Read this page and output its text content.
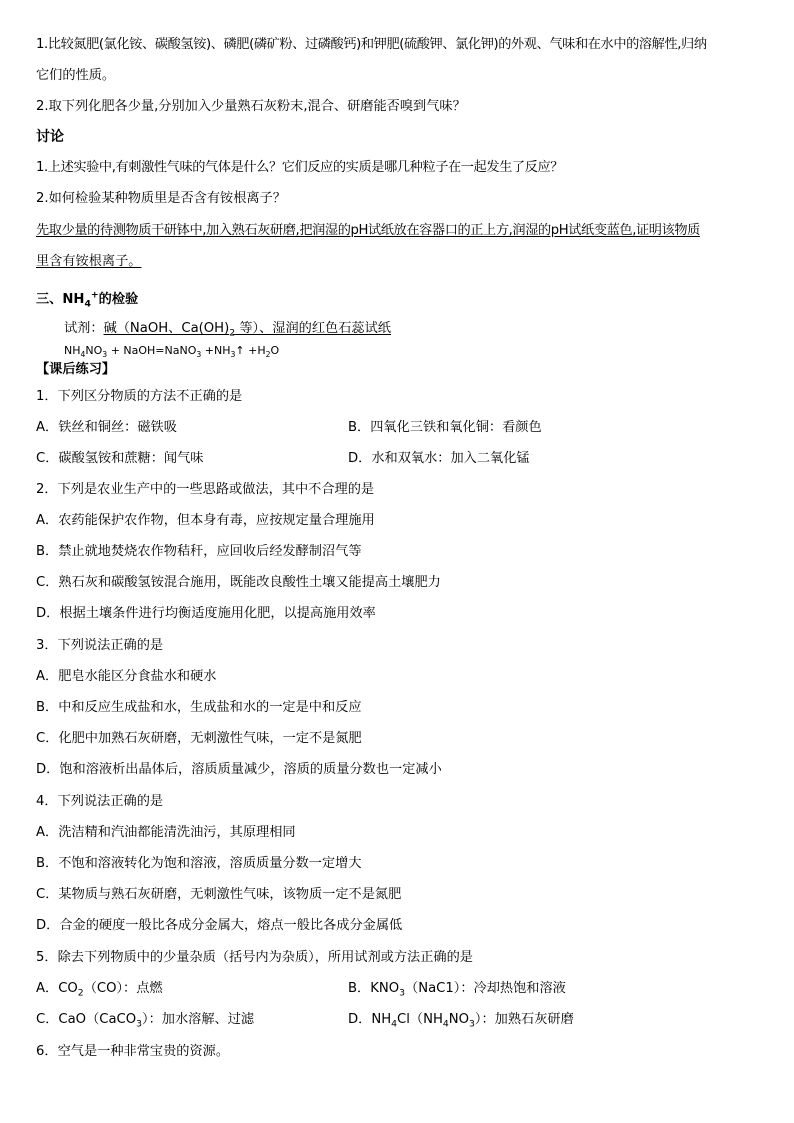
1.比较氮肥(氯化铵、碳酸氢铵)、磷肥(磷矿粉、过磷酸钙)和钾肥(硫酸钾、氯化钾)的外观、气味和在水中的溶解性,归纳
它们的性质。
2.取下列化肥各少量,分别加入少量熟石灰粉末,混合、研磨能否嗅到气味？
讨论
1.上述实验中,有刺激性气味的气体是什么？它们反应的实质是哪几种粒子在一起发生了反应？
2.如何检验某种物质里是否含有铵根离子？
先取少量的待测物质干研钵中,加入熟石灰研磨,把润湿的pH试纸放在容器口的正上方,润湿的pH试纸变蓝色,证明该物质
里含有铵根离子。
三、$NH_4^+$的检验
试剂：碱（NaOH、$Ca(OH)_2$ 等）、湿润的红色石蕊试纸
$NH_4NO_3$ + NaOH=NaNO$_3$ $+NH_3↑ +H_2O$
【课后练习】
1．下列区分物质的方法不正确的是
A．铁丝和铜丝：磁铁吸	B．四氧化三铁和氧化铜：看颜色
C．碳酸氢铵和蔗糖：闻气味	D．水和双氧水：加入二氧化锰
2．下列是农业生产中的一些思路或做法，其中不合理的是
A．农药能保护农作物，但本身有毒，应按规定量合理施用
B．禁止就地焚烧农作物秸秆，应回收后经发酵制沼气等
C．熟石灰和碳酸氢铵混合施用，既能改良酸性土壤又能提高土壤肥力
D．根据土壤条件进行均衡适度施用化肥，以提高施用效率
3．下列说法正确的是
A．肥皂水能区分食盐水和硬水
B．中和反应生成盐和水，生成盐和水的一定是中和反应
C．化肥中加熟石灰研磨，无刺激性气味，一定不是氮肥
D．饱和溶液析出晶体后，溶质质量减少，溶质的质量分数也一定减小
4．下列说法正确的是
A．洗洁精和汽油都能清洗油污，其原理相同
B．不饱和溶液转化为饱和溶液，溶质质量分数一定增大
C．某物质与熟石灰研磨，无刺激性气味，该物质一定不是氮肥
D．合金的硬度一般比各成分金属大，熔点一般比各成分金属低
5．除去下列物质中的少量杂质（括号内为杂质），所用试剂或方法正确的是
A．$CO_2(CO)$：点燃	B．$KNO_3(NaC1)$：冷却热饱和溶液
C．CaO（CaCO$_3$）：加水溶解、过滤	D．$NH_4Cl(NH_4NO_3)$：加熟石灰研磨
6．空气是一种非常宝贵的资源。
